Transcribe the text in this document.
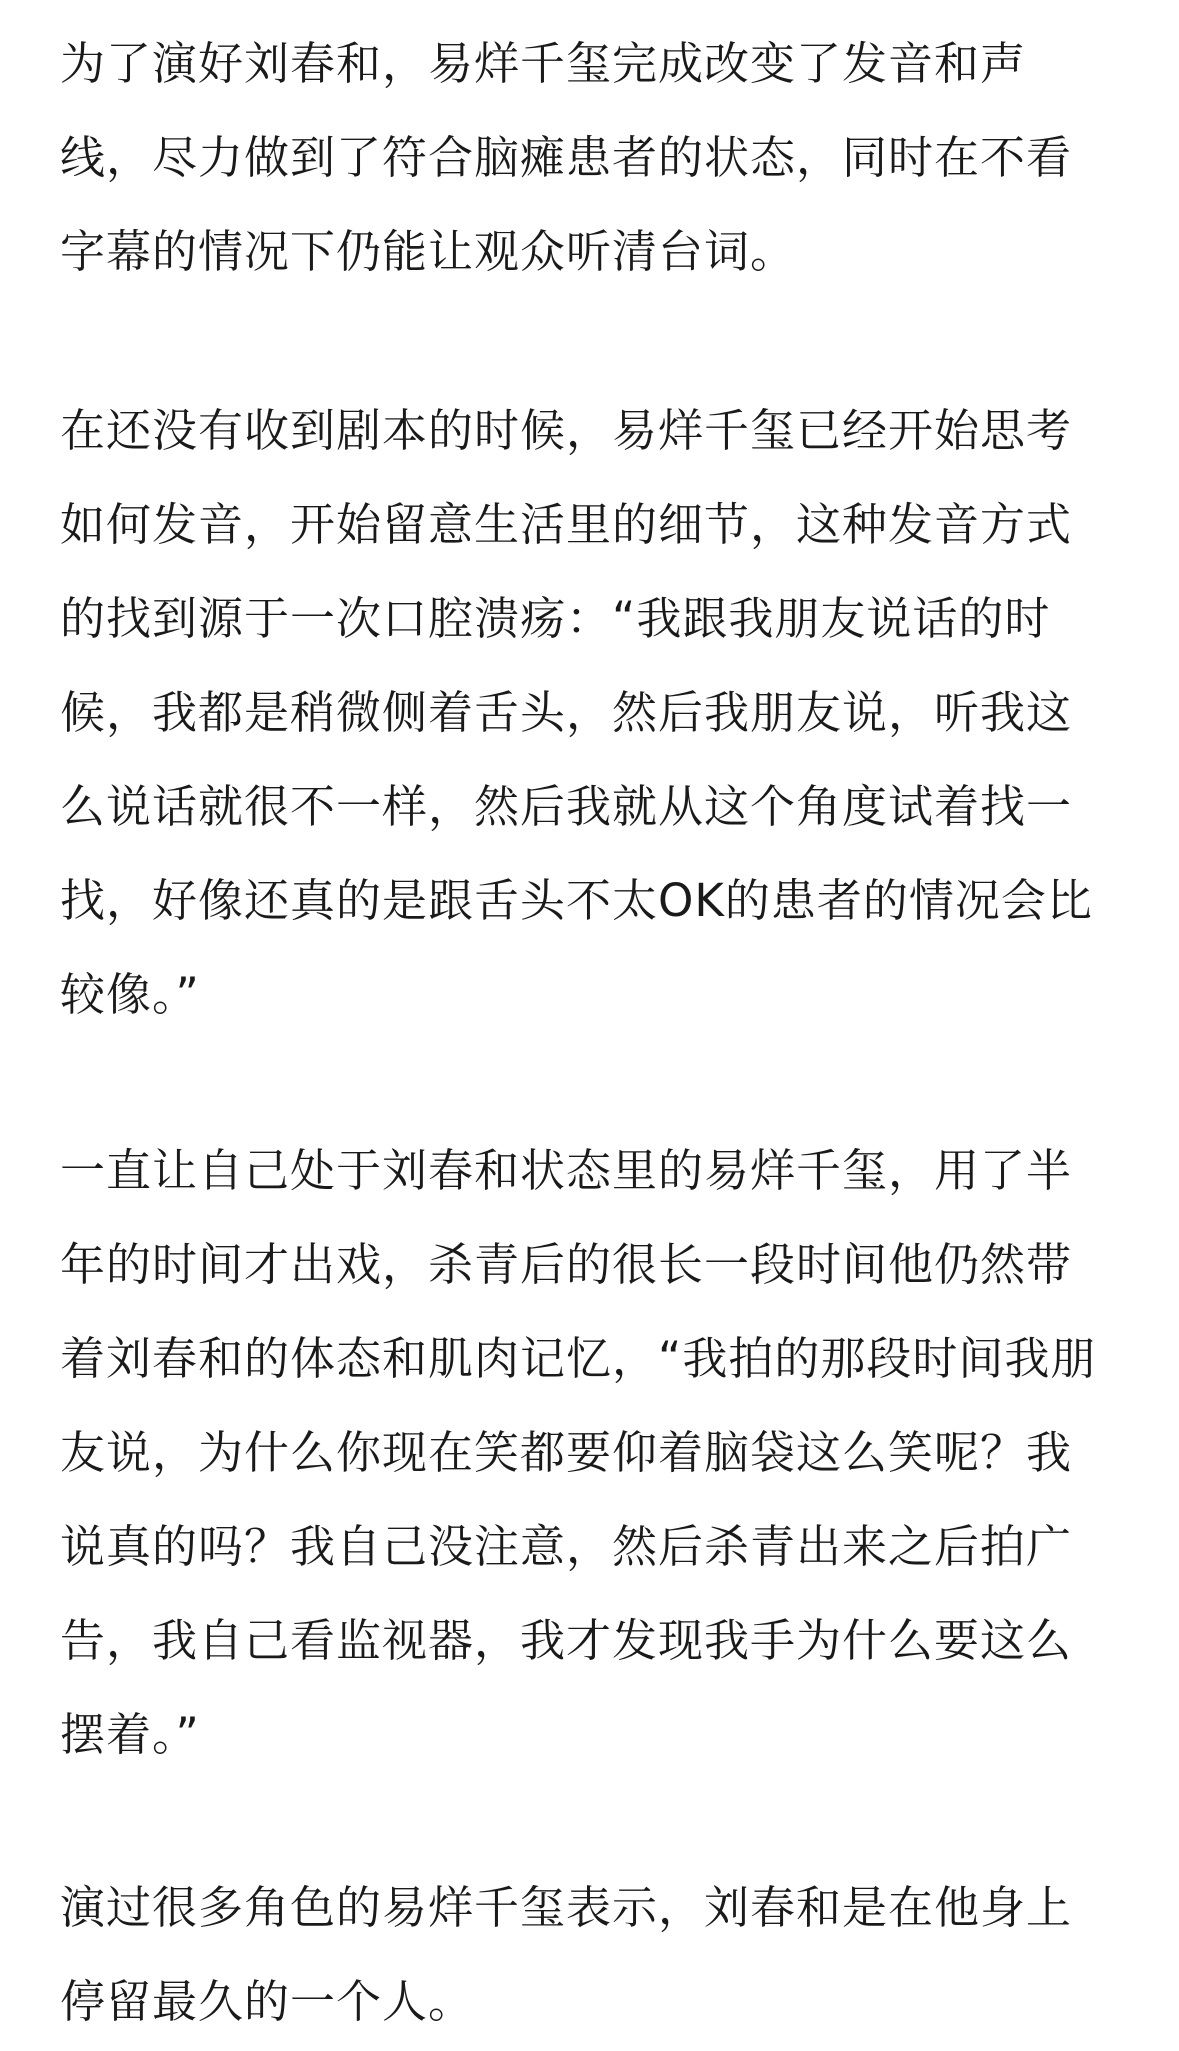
为了演好刘春和，易烊千玺完成改变了发音和声
线，尽力做到了符合脑瘫患者的状态，同时在不看
字幕的情况下仍能让观众听清台词。

在还没有收到剧本的时候，易烊千玺已经开始思考
如何发音，开始留意生活里的细节，这种发音方式
的找到源于一次口腔溃疡：“我跟我朋友说话的时
候，我都是稍微侧着舌头，然后我朋友说，听我这
么说话就很不一样，然后我就从这个角度试着找一
找，好像还真的是跟舌头不太OK的患者的情况会比
较像。”

一直让自己处于刘春和状态里的易烊千玺，用了半
年的时间才出戏，杀青后的很长一段时间他仍然带
着刘春和的体态和肌肉记忆，“我拍的那段时间我朋
友说，为什么你现在笑都要仰着脑袋这么笑呢？我
说真的吗？我自己没注意，然后杀青出来之后拍广
告，我自己看监视器，我才发现我手为什么要这么
摆着。”

演过很多角色的易烊千玺表示，刘春和是在他身上
停留最久的一个人。
